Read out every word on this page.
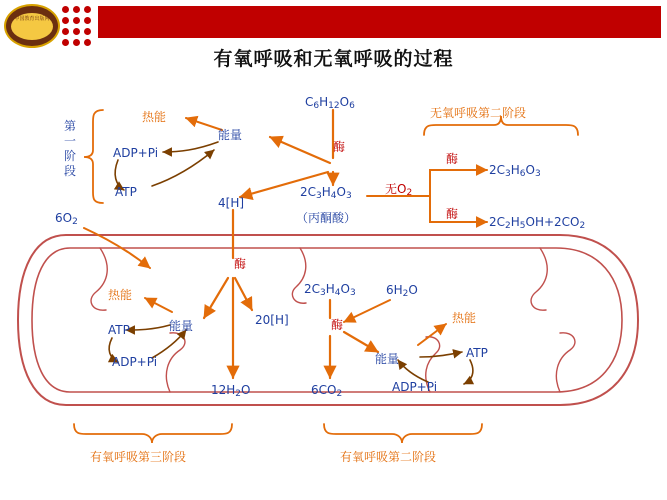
中国教育出版网
有氧呼吸和无氧呼吸的过程
$C_6H_{12}O_6$
酶
能量
热能
ADP+Pi
ATP
第一阶段
4[H]
$2C_3H_4O_3$
（丙酮酸）
无$O_2$
酶
酶
$2C_3H_6O_3$
$2C_2H_5OH+2CO_2$
无氧呼吸第二阶段
$6O_2$
酶
热能
能量
ATP
ADP+Pi
20[H]
$12H_2O$
$2C_3H_4O_3$
酶
$6H_2O$
$6CO_2$
能量
热能
ATP
ADP+Pi
有氧呼吸第三阶段	有氧呼吸第二阶段
